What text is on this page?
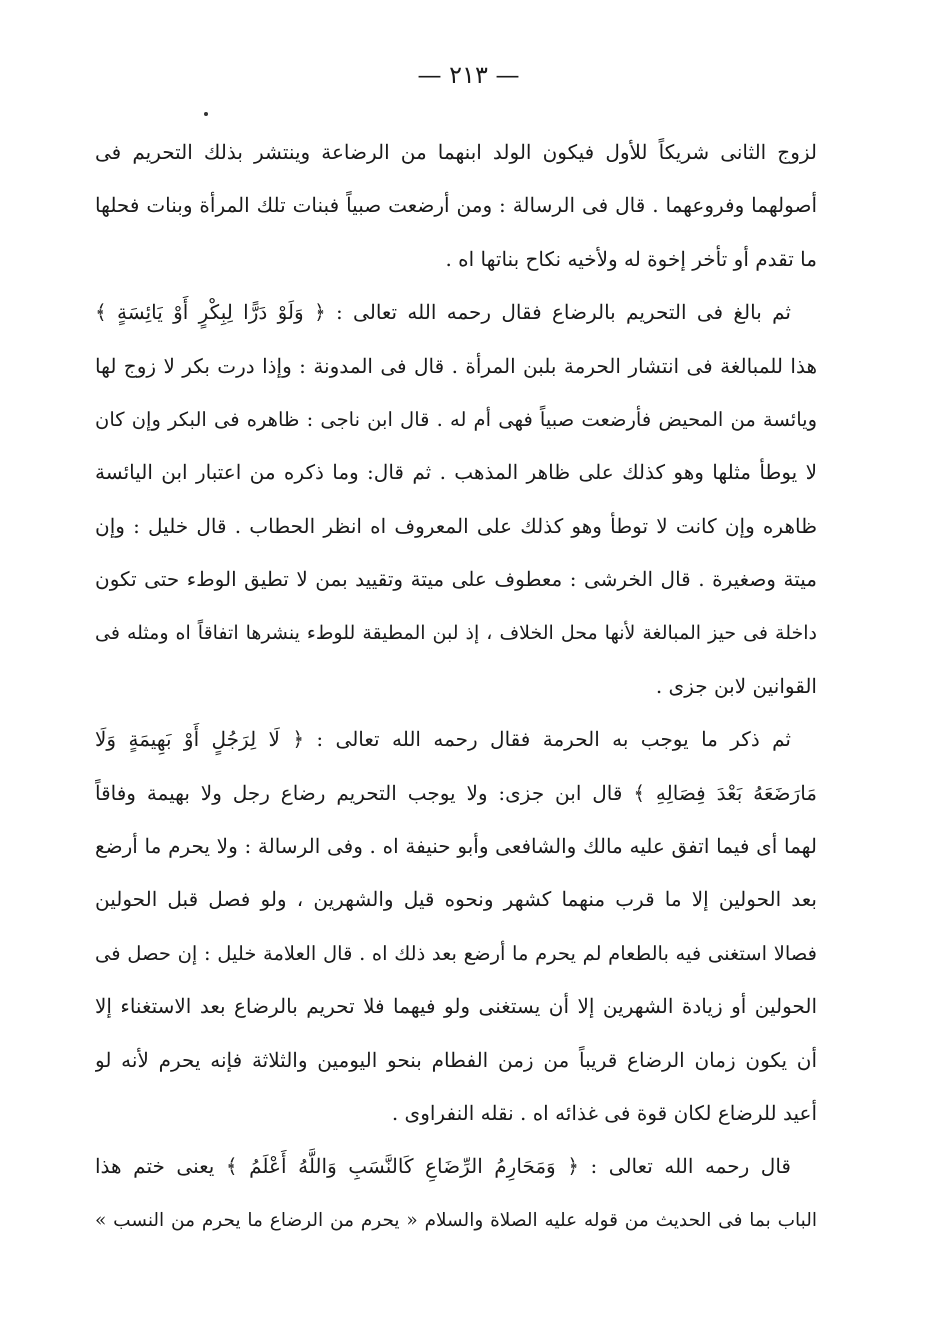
— ٢١٣ —
لزوج الثانى شريكاً للأول فيكون الولد ابنهما من الرضاعة وينتشر بذلك التحريم فى
أصولهما وفروعهما . قال فى الرسالة : ومن أرضعت صبياً فبنات تلك المرأة وبنات فحلها
ما تقدم أو تأخر إخوة له ولأخيه نكاح بناتها اه .
ثم بالغ فى التحريم بالرضاع فقال رحمه الله تعالى : ﴿ وَلَوْ دَرًّا لِبِكْرٍ أَوْ يَائِسَةٍ ﴾
هذا للمبالغة فى انتشار الحرمة بلبن المرأة . قال فى المدونة : وإذا درت بكر لا زوج لها
ويائسة من المحيض فأرضعت صبياً فهى أم له . قال ابن ناجى : ظاهره فى البكر وإن كان
لا يوطأ مثلها وهو كذلك على ظاهر المذهب . ثم قال: وما ذكره من اعتبار ابن اليائسة
ظاهره وإن كانت لا توطأ وهو كذلك على المعروف اه انظر الحطاب . قال خليل : وإن
ميتة وصغيرة . قال الخرشى : معطوف على ميتة وتقييد بمن لا تطيق الوطء حتى تكون
داخلة فى حيز المبالغة لأنها محل الخلاف ، إذ لبن المطيقة للوطء ينشرها اتفاقاً اه ومثله فى
القوانين لابن جزى .
ثم ذكر ما يوجب به الحرمة فقال رحمه الله تعالى : ﴿ لَا لِرَجُلٍ أَوْ بَهِيمَةٍ وَلَا
مَارَضَعَهُ بَعْدَ فِصَالِهِ ﴾ قال ابن جزى: ولا يوجب التحريم رضاع رجل ولا بهيمة وفاقاً
لهما أى فيما اتفق عليه مالك والشافعى وأبو حنيفة اه . وفى الرسالة : ولا يحرم ما أرضع
بعد الحولين إلا ما قرب منهما كشهر ونحوه قيل والشهرين ، ولو فصل قبل الحولين
فصالا استغنى فيه بالطعام لم يحرم ما أرضع بعد ذلك اه . قال العلامة خليل : إن حصل فى
الحولين أو زيادة الشهرين إلا أن يستغنى ولو فيهما فلا تحريم بالرضاع بعد الاستغناء إلا
أن يكون زمان الرضاع قريباً من زمن الفطام بنحو اليومين والثلاثة فإنه يحرم لأنه لو
أعيد للرضاع لكان قوة فى غذائه اه . نقله النفراوى .
قال رحمه الله تعالى : ﴿ وَمَحَارِمُ الرِّضَاعِ كَالنَّسَبِ وَاللَّهُ أَعْلَمُ ﴾ يعنى ختم هذا
الباب بما فى الحديث من قوله عليه الصلاة والسلام « يحرم من الرضاع ما يحرم من النسب »
